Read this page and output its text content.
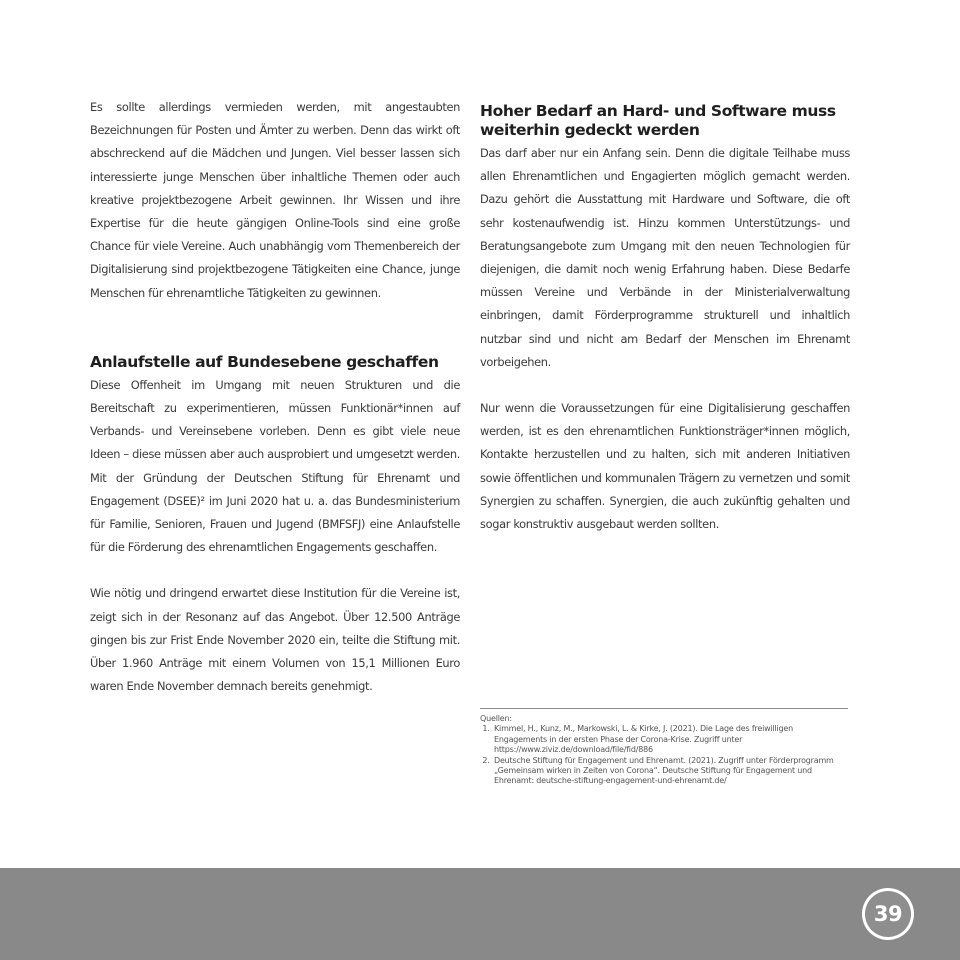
Es sollte allerdings vermieden werden, mit angestaubten Bezeichnungen für Posten und Ämter zu werben. Denn das wirkt oft abschreckend auf die Mädchen und Jungen. Viel besser lassen sich interessierte junge Menschen über inhaltliche Themen oder auch kreative projektbezogene Arbeit gewinnen. Ihr Wissen und ihre Expertise für die heute gängigen Online-Tools sind eine große Chance für viele Vereine. Auch unabhängig vom Themenbereich der Digitalisierung sind projektbezogene Tätigkeiten eine Chance, junge Menschen für ehrenamtliche Tätigkeiten zu gewinnen.

Anlaufstelle auf Bundesebene geschaffen

Diese Offenheit im Umgang mit neuen Strukturen und die Bereitschaft zu experimentieren, müssen Funktionär*innen auf Verbands- und Vereinsebene vorleben. Denn es gibt viele neue Ideen – diese müssen aber auch ausprobiert und umgesetzt werden. Mit der Gründung der Deutschen Stiftung für Ehrenamt und Engagement (DSEE)² im Juni 2020 hat u. a. das Bundesministerium für Familie, Senioren, Frauen und Jugend (BMFSFJ) eine Anlaufstelle für die Förderung des ehrenamtlichen Engagements geschaffen.

Wie nötig und dringend erwartet diese Institution für die Vereine ist, zeigt sich in der Resonanz auf das Angebot. Über 12.500 Anträge gingen bis zur Frist Ende November 2020 ein, teilte die Stiftung mit. Über 1.960 Anträge mit einem Volumen von 15,1 Millionen Euro waren Ende November demnach bereits genehmigt.

Hoher Bedarf an Hard- und Software muss weiterhin gedeckt werden

Das darf aber nur ein Anfang sein. Denn die digitale Teilhabe muss allen Ehrenamtlichen und Engagierten möglich gemacht werden. Dazu gehört die Ausstattung mit Hardware und Software, die oft sehr kostenaufwendig ist. Hinzu kommen Unterstützungs- und Beratungsangebote zum Umgang mit den neuen Technologien für diejenigen, die damit noch wenig Erfahrung haben. Diese Bedarfe müssen Vereine und Verbände in der Ministerialverwaltung einbringen, damit Förderprogramme strukturell und inhaltlich nutzbar sind und nicht am Bedarf der Menschen im Ehrenamt vorbeigehen.

Nur wenn die Voraussetzungen für eine Digitalisierung geschaffen werden, ist es den ehrenamtlichen Funktionsträger*innen möglich, Kontakte herzustellen und zu halten, sich mit anderen Initiativen sowie öffentlichen und kommunalen Trägern zu vernetzen und somit Synergien zu schaffen. Synergien, die auch zukünftig gehalten und sogar konstruktiv ausgebaut werden sollten.

Quellen:
1. Kimmel, H., Kunz, M., Markowski, L. & Kirke, J. (2021). Die Lage des freiwilligen Engagements in der ersten Phase der Corona-Krise. Zugriff unter https://www.ziviz.de/download/file/fid/886
2. Deutsche Stiftung für Engagement und Ehrenamt. (2021). Zugriff unter Förderprogramm „Gemeinsam wirken in Zeiten von Corona“. Deutsche Stiftung für Engagement und Ehrenamt: deutsche-stiftung-engagement-und-ehrenamt.de/
39
